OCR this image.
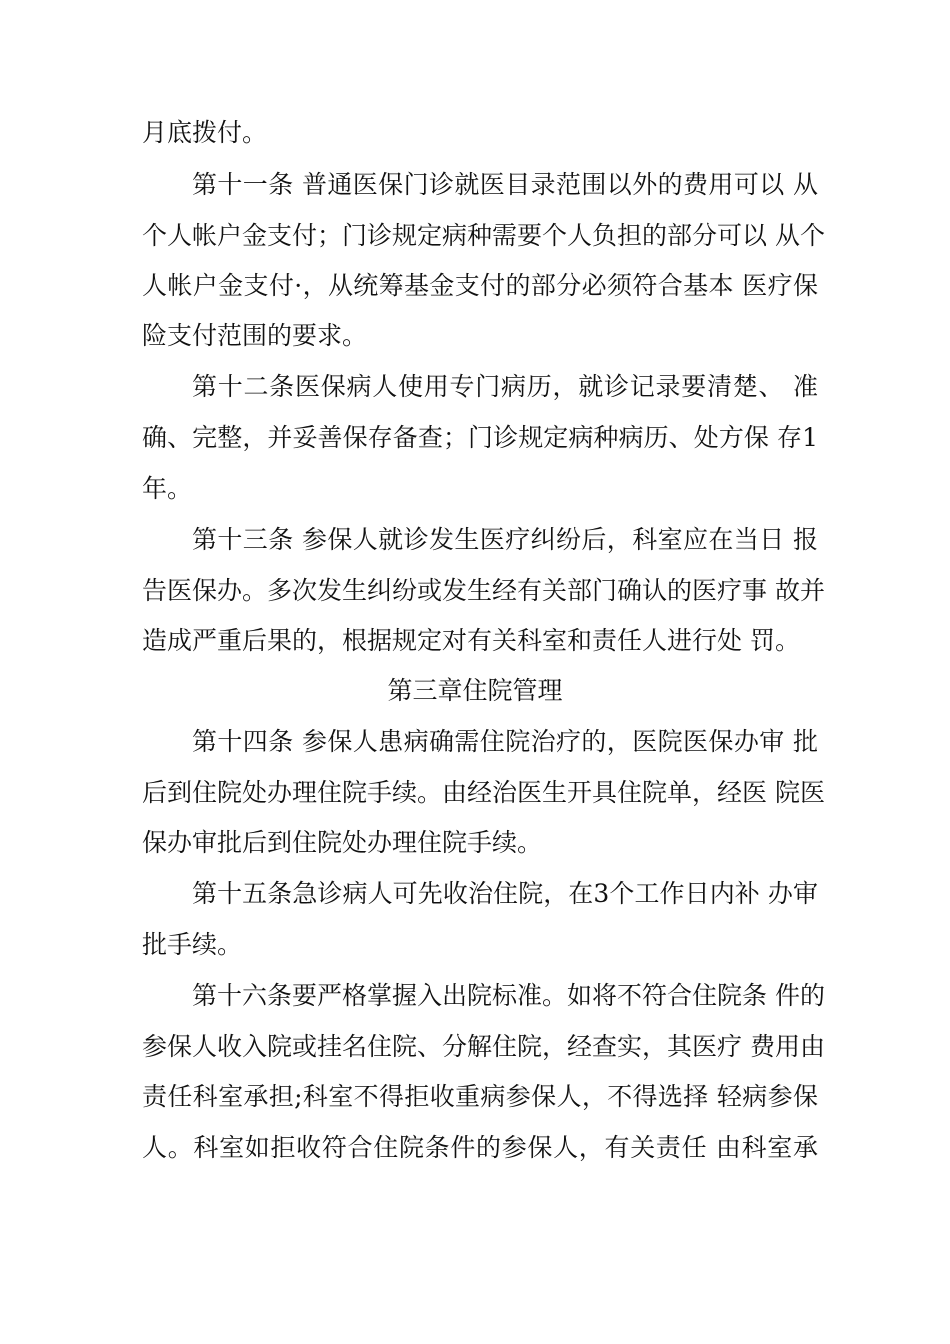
月底拨付。

第十一条 普通医保门诊就医目录范围以外的费用可以 从

个人帐户金支付；门诊规定病种需要个人负担的部分可以 从个

人帐户金支付·，从统筹基金支付的部分必须符合基本 医疗保

险支付范围的要求。

第十二条医保病人使用专门病历，就诊记录要清楚、 准

确、完整，并妥善保存备查；门诊规定病种病历、处方保 存1

年。

第十三条 参保人就诊发生医疗纠纷后，科室应在当日 报

告医保办。多次发生纠纷或发生经有关部门确认的医疗事 故并

造成严重后果的，根据规定对有关科室和责任人进行处 罚。

第三章住院管理

第十四条 参保人患病确需住院治疗的，医院医保办审 批

后到住院处办理住院手续。由经治医生开具住院单，经医 院医

保办审批后到住院处办理住院手续。

第十五条急诊病人可先收治住院，在3个工作日内补 办审

批手续。

第十六条要严格掌握入出院标准。如将不符合住院条 件的

参保人收入院或挂名住院、分解住院，经查实，其医疗 费用由

责任科室承担;科室不得拒收重病参保人，不得选择 轻病参保

人。科室如拒收符合住院条件的参保人，有关责任 由科室承
